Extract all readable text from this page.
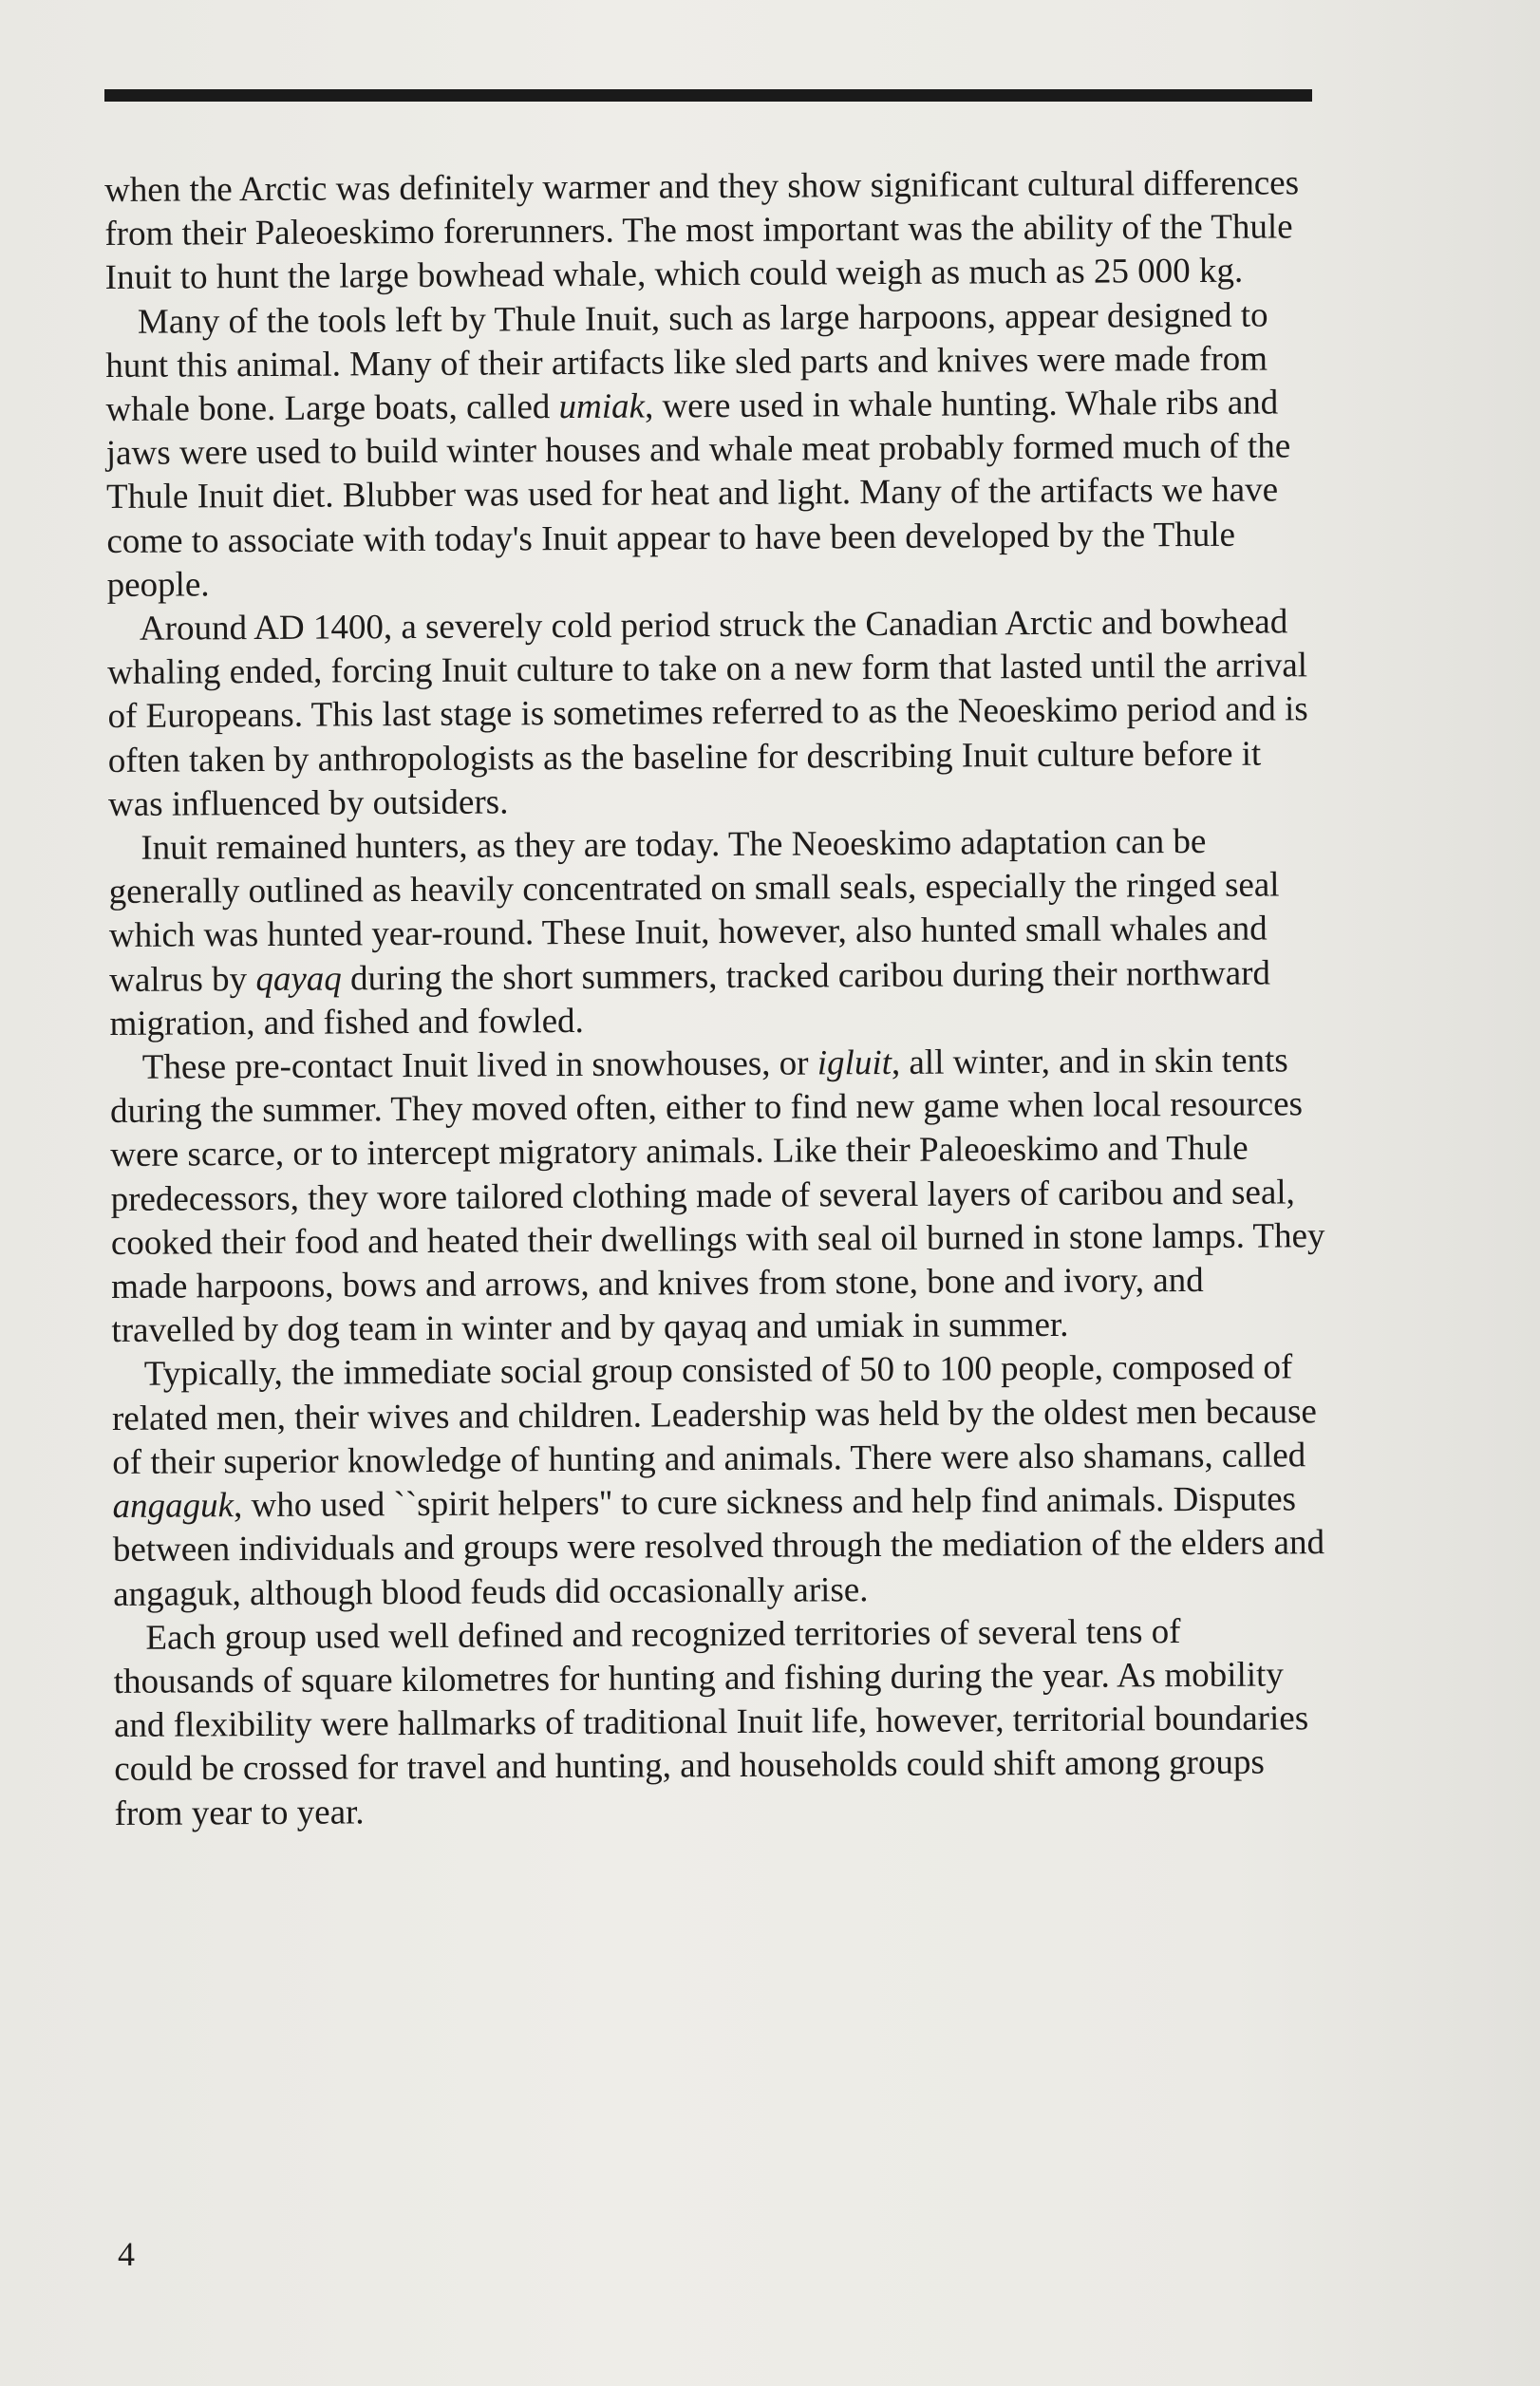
when the Arctic was definitely warmer and they show significant cultural differences from their Paleoeskimo forerunners. The most important was the ability of the Thule Inuit to hunt the large bowhead whale, which could weigh as much as 25 000 kg.

Many of the tools left by Thule Inuit, such as large harpoons, appear designed to hunt this animal. Many of their artifacts like sled parts and knives were made from whale bone. Large boats, called umiak, were used in whale hunting. Whale ribs and jaws were used to build winter houses and whale meat probably formed much of the Thule Inuit diet. Blubber was used for heat and light. Many of the artifacts we have come to associate with today's Inuit appear to have been developed by the Thule people.

Around AD 1400, a severely cold period struck the Canadian Arctic and bowhead whaling ended, forcing Inuit culture to take on a new form that lasted until the arrival of Europeans. This last stage is sometimes referred to as the Neoeskimo period and is often taken by anthropologists as the baseline for describing Inuit culture before it was influenced by outsiders.

Inuit remained hunters, as they are today. The Neoeskimo adaptation can be generally outlined as heavily concentrated on small seals, especially the ringed seal which was hunted year-round. These Inuit, however, also hunted small whales and walrus by qayaq during the short summers, tracked caribou during their northward migration, and fished and fowled.

These pre-contact Inuit lived in snowhouses, or igluit, all winter, and in skin tents during the summer. They moved often, either to find new game when local resources were scarce, or to intercept migratory animals. Like their Paleoeskimo and Thule predecessors, they wore tailored clothing made of several layers of caribou and seal, cooked their food and heated their dwellings with seal oil burned in stone lamps. They made harpoons, bows and arrows, and knives from stone, bone and ivory, and travelled by dog team in winter and by qayaq and umiak in summer.

Typically, the immediate social group consisted of 50 to 100 people, composed of related men, their wives and children. Leadership was held by the oldest men because of their superior knowledge of hunting and animals. There were also shamans, called angaguk, who used ``spirit helpers'' to cure sickness and help find animals. Disputes between individuals and groups were resolved through the mediation of the elders and angaguk, although blood feuds did occasionally arise.

Each group used well defined and recognized territories of several tens of thousands of square kilometres for hunting and fishing during the year. As mobility and flexibility were hallmarks of traditional Inuit life, however, territorial boundaries could be crossed for travel and hunting, and households could shift among groups from year to year.

4
